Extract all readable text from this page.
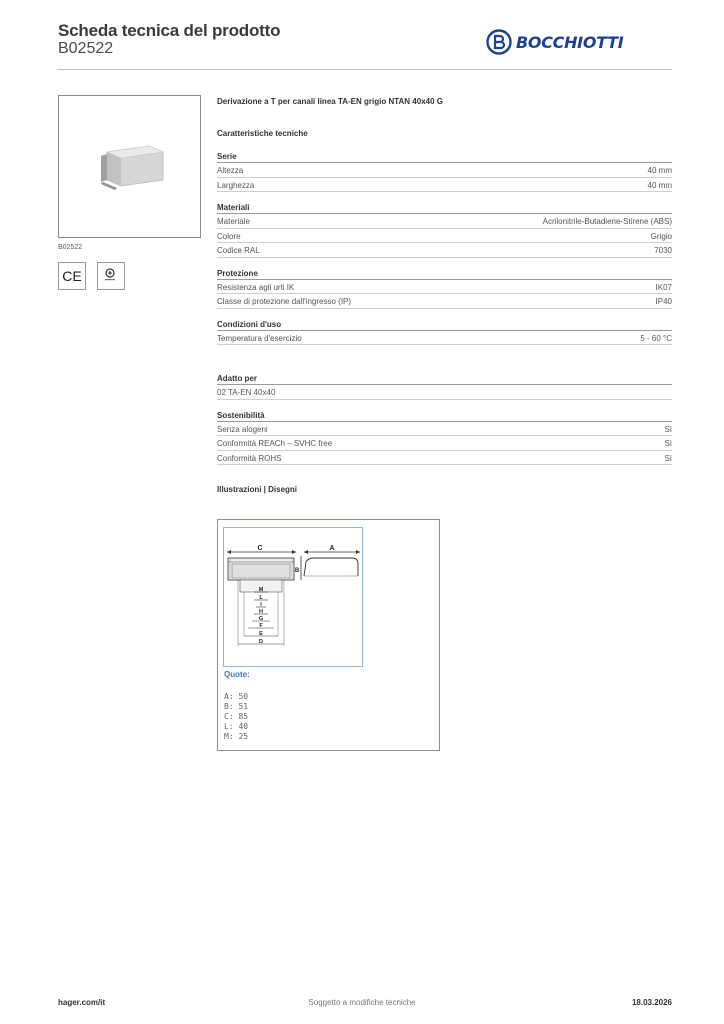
Scheda tecnica del prodotto
B02522	BOCCHIOTTI
B02522
CE
Derivazione a T per canali linea TA-EN grigio NTAN 40x40 G
Caratteristiche tecniche
Serie
Altezza	40 mm
Larghezza	40 mm
Materiali
Materiale	Acrilonitrile-Butadiene-Stirene (ABS)
Colore	Grigio
Codice RAL	7030
Protezione
Resistenza agli urti IK	IK07
Classe di protezione dall'ingresso (IP)	IP40
Condizioni d'uso
Temperatura d'esercizio	5 - 60 °C
Adatto per
02 TA-EN 40x40
Sostenibilità
Senza alogeni	Sì
Conformità REACh – SVHC free	Sì
Conformità ROHS	Sì
Illustrazioni | Disegni
C	A
B
M
L
I
H
G
F
E
D
Quote:
A: 50
B: 51
C: 85
L: 40
M: 25
Soggetto a modifiche tecniche
hager.com/it	18.03.2026
